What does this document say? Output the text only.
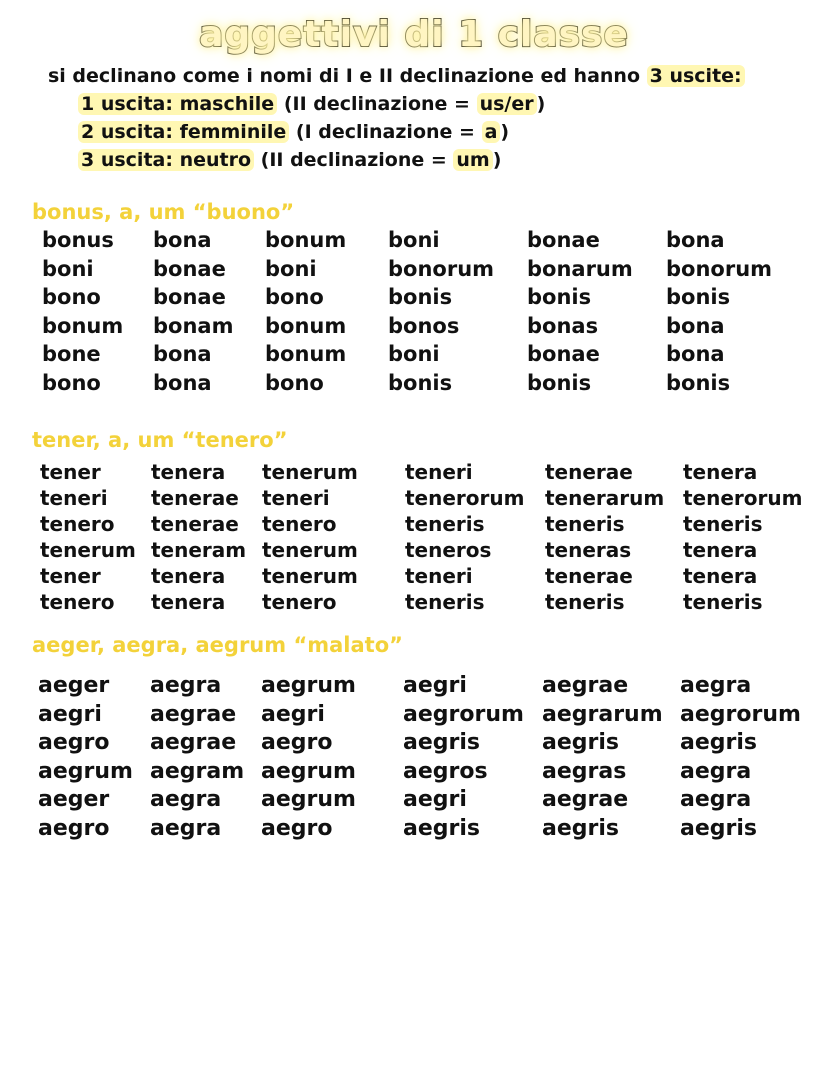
aggettivi di 1 classe
si declinano come i nomi di I e II declinazione ed hanno 3 uscite:
1 uscita: maschile (II declinazione = us/er )
2 uscita: femminile (I declinazione = a )
3 uscita: neutro (II declinazione = um )
bonus, a, um “buono”
bonus bona	bonum boni	bonae	bona
boni	bonae boni	bonorum bonarum bonorum
bono bonae bono	bonis	bonis	bonis
bonum bonam bonum bonos	bonas	bona
bone bona	bonum boni	bonae	bona
bono bona	bono	bonis	bonis	bonis
tener, a, um “tenero”
tener	tenera tenerum teneri	tenerae	tenera
teneri tenerae teneri	tenerorum tenerarum tenerorum
tenero tenerae tenero	teneris	teneris	teneris
tenerum teneram tenerum teneros	teneras	tenera
tener	tenera tenerum teneri	tenerae	tenera
tenero tenera tenero	teneris	teneris	teneris
aeger, aegra, aegrum “malato”
aeger aegra aegrum aegri	aegrae aegra
aegri aegrae aegri	aegrorum aegrarum aegrorum
aegro aegrae aegro	aegris	aegris	aegris
aegrum aegram aegrum aegros aegras aegra
aeger aegra aegrum aegri	aegrae aegra
aegro aegra aegro	aegris	aegris	aegris
